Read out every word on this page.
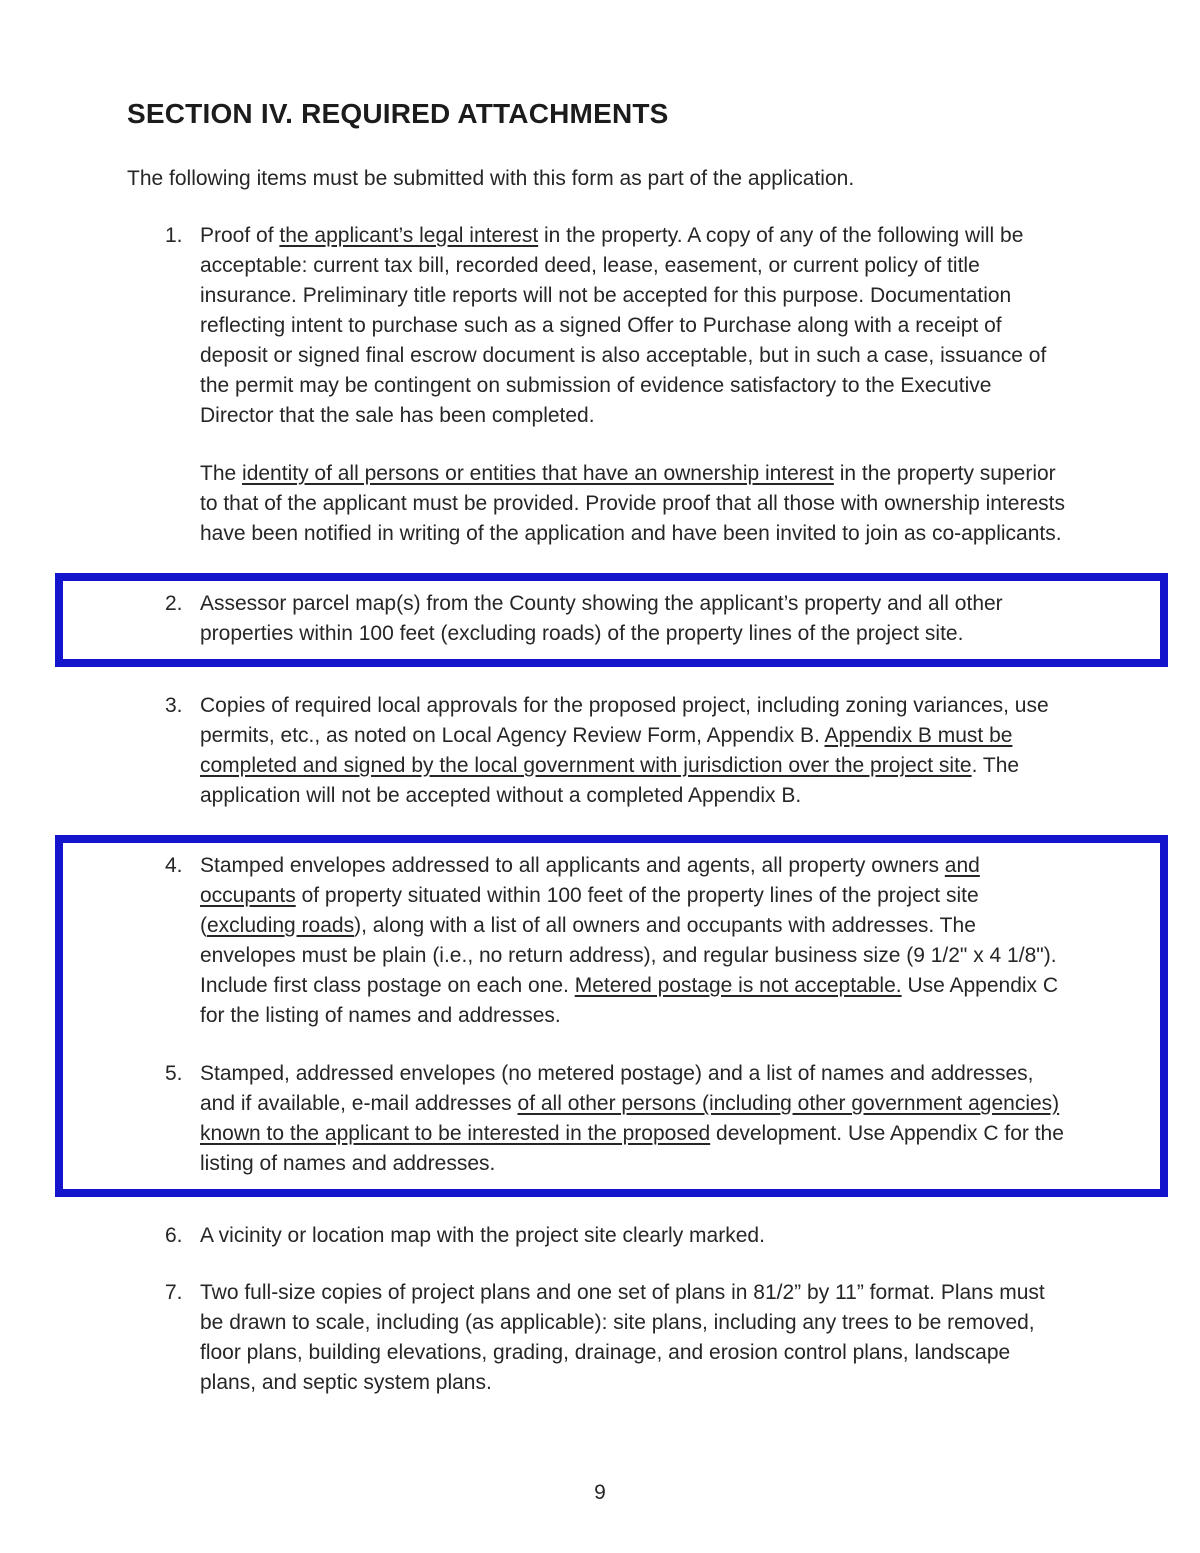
SECTION IV. REQUIRED ATTACHMENTS

The following items must be submitted with this form as part of the application.

1. Proof of the applicant’s legal interest in the property. A copy of any of the following will be acceptable: current tax bill, recorded deed, lease, easement, or current policy of title insurance. Preliminary title reports will not be accepted for this purpose. Documentation reflecting intent to purchase such as a signed Offer to Purchase along with a receipt of deposit or signed final escrow document is also acceptable, but in such a case, issuance of the permit may be contingent on submission of evidence satisfactory to the Executive Director that the sale has been completed.

The identity of all persons or entities that have an ownership interest in the property superior to that of the applicant must be provided. Provide proof that all those with ownership interests have been notified in writing of the application and have been invited to join as co-applicants.

2. Assessor parcel map(s) from the County showing the applicant’s property and all other properties within 100 feet (excluding roads) of the property lines of the project site.

3. Copies of required local approvals for the proposed project, including zoning variances, use permits, etc., as noted on Local Agency Review Form, Appendix B. Appendix B must be completed and signed by the local government with jurisdiction over the project site. The application will not be accepted without a completed Appendix B.

4. Stamped envelopes addressed to all applicants and agents, all property owners and occupants of property situated within 100 feet of the property lines of the project site (excluding roads), along with a list of all owners and occupants with addresses. The envelopes must be plain (i.e., no return address), and regular business size (9 1/2" x 4 1/8"). Include first class postage on each one. Metered postage is not acceptable. Use Appendix C for the listing of names and addresses.

5. Stamped, addressed envelopes (no metered postage) and a list of names and addresses, and if available, e-mail addresses of all other persons (including other government agencies) known to the applicant to be interested in the proposed development. Use Appendix C for the listing of names and addresses.

6. A vicinity or location map with the project site clearly marked.

7. Two full-size copies of project plans and one set of plans in 81/2” by 11” format. Plans must be drawn to scale, including (as applicable): site plans, including any trees to be removed, floor plans, building elevations, grading, drainage, and erosion control plans, landscape plans, and septic system plans.

9
